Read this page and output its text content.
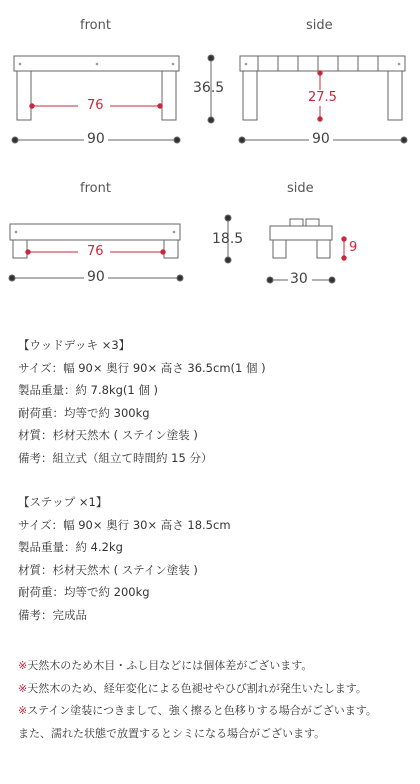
front	side
36.5
76
27.5
90	90
front	side
18.5
76	9
90	30

【ウッドデッキ ×3】

サイズ：幅 90× 奥行 90× 高さ 36.5cm(1 個 )

製品重量：約 7.8kg(1 個 )

耐荷重：均等で約 300kg

材質：杉材天然木 ( ステイン塗装 )

備考：組立式（組立て時間約 15 分）

【ステップ ×1】

サイズ：幅 90× 奥行 30× 高さ 18.5cm

製品重量：約 4.2kg

材質：杉材天然木 ( ステイン塗装 )

耐荷重：均等で約 200kg

備考：完成品

※天然木のため木目・ふし目などには個体差がございます。

※天然木のため、経年変化による色褪せやひび割れが発生いたします。

※ステイン塗装につきまして、強く擦ると色移りする場合がございます。

また、濡れた状態で放置するとシミになる場合がございます。
